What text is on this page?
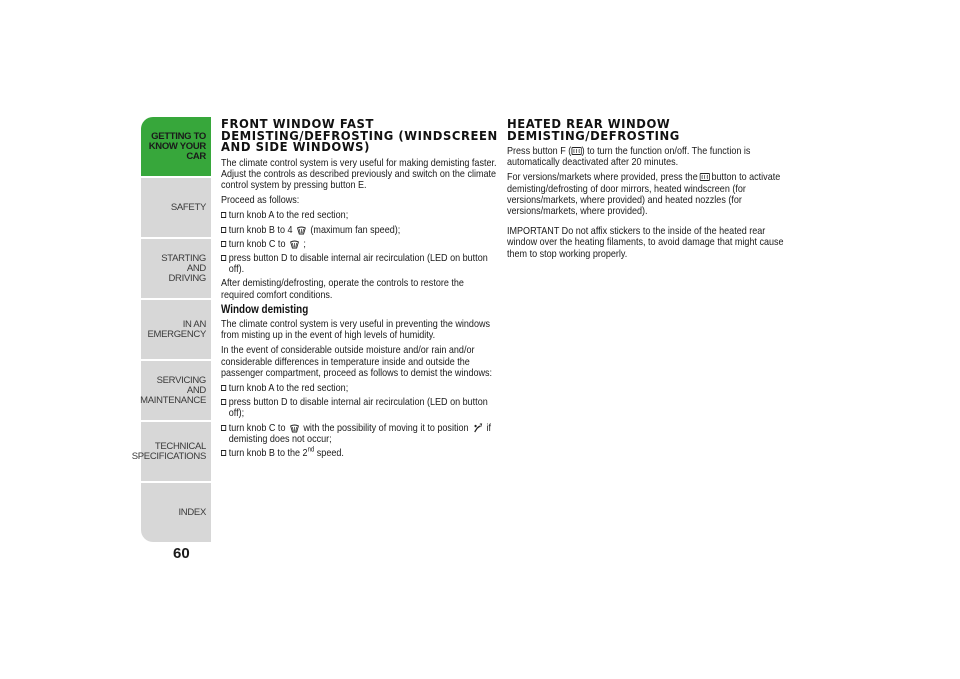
GETTING TO
KNOW YOUR CAR
SAFETY
STARTING AND
DRIVING
IN AN EMERGENCY
SERVICING AND
MAINTENANCE
TECHNICAL
SPECIFICATIONS
INDEX
60
FRONT WINDOW FAST DEMISTING/DEFROSTING (WINDSCREEN AND SIDE WINDOWS)

The climate control system is very useful for making demisting faster. Adjust the controls as described previously and switch on the climate control system by pressing button E.

Proceed as follows:

turn knob A to the red section;
turn knob B to 4 (maximum fan speed);
turn knob C to ;
press button D to disable internal air recirculation (LED on button off).

After demisting/defrosting, operate the controls to restore the required comfort conditions.

Window demisting

The climate control system is very useful in preventing the windows from misting up in the event of high levels of humidity.

In the event of considerable outside moisture and/or rain and/or considerable differences in temperature inside and outside the passenger compartment, proceed as follows to demist the windows:

turn knob A to the red section;
press button D to disable internal air recirculation (LED on button off);
turn knob C to with the possibility of moving it to position if demisting does not occur;
turn knob B to the 2nd speed.
HEATED REAR WINDOW DEMISTING/DEFROSTING

Press button F ( ) to turn the function on/off. The function is automatically deactivated after 20 minutes.

For versions/markets where provided, press the button to activate demisting/defrosting of door mirrors, heated windscreen (for versions/markets, where provided) and heated nozzles (for versions/markets, where provided).

IMPORTANT Do not affix stickers to the inside of the heated rear window over the heating filaments, to avoid damage that might cause them to stop working properly.
